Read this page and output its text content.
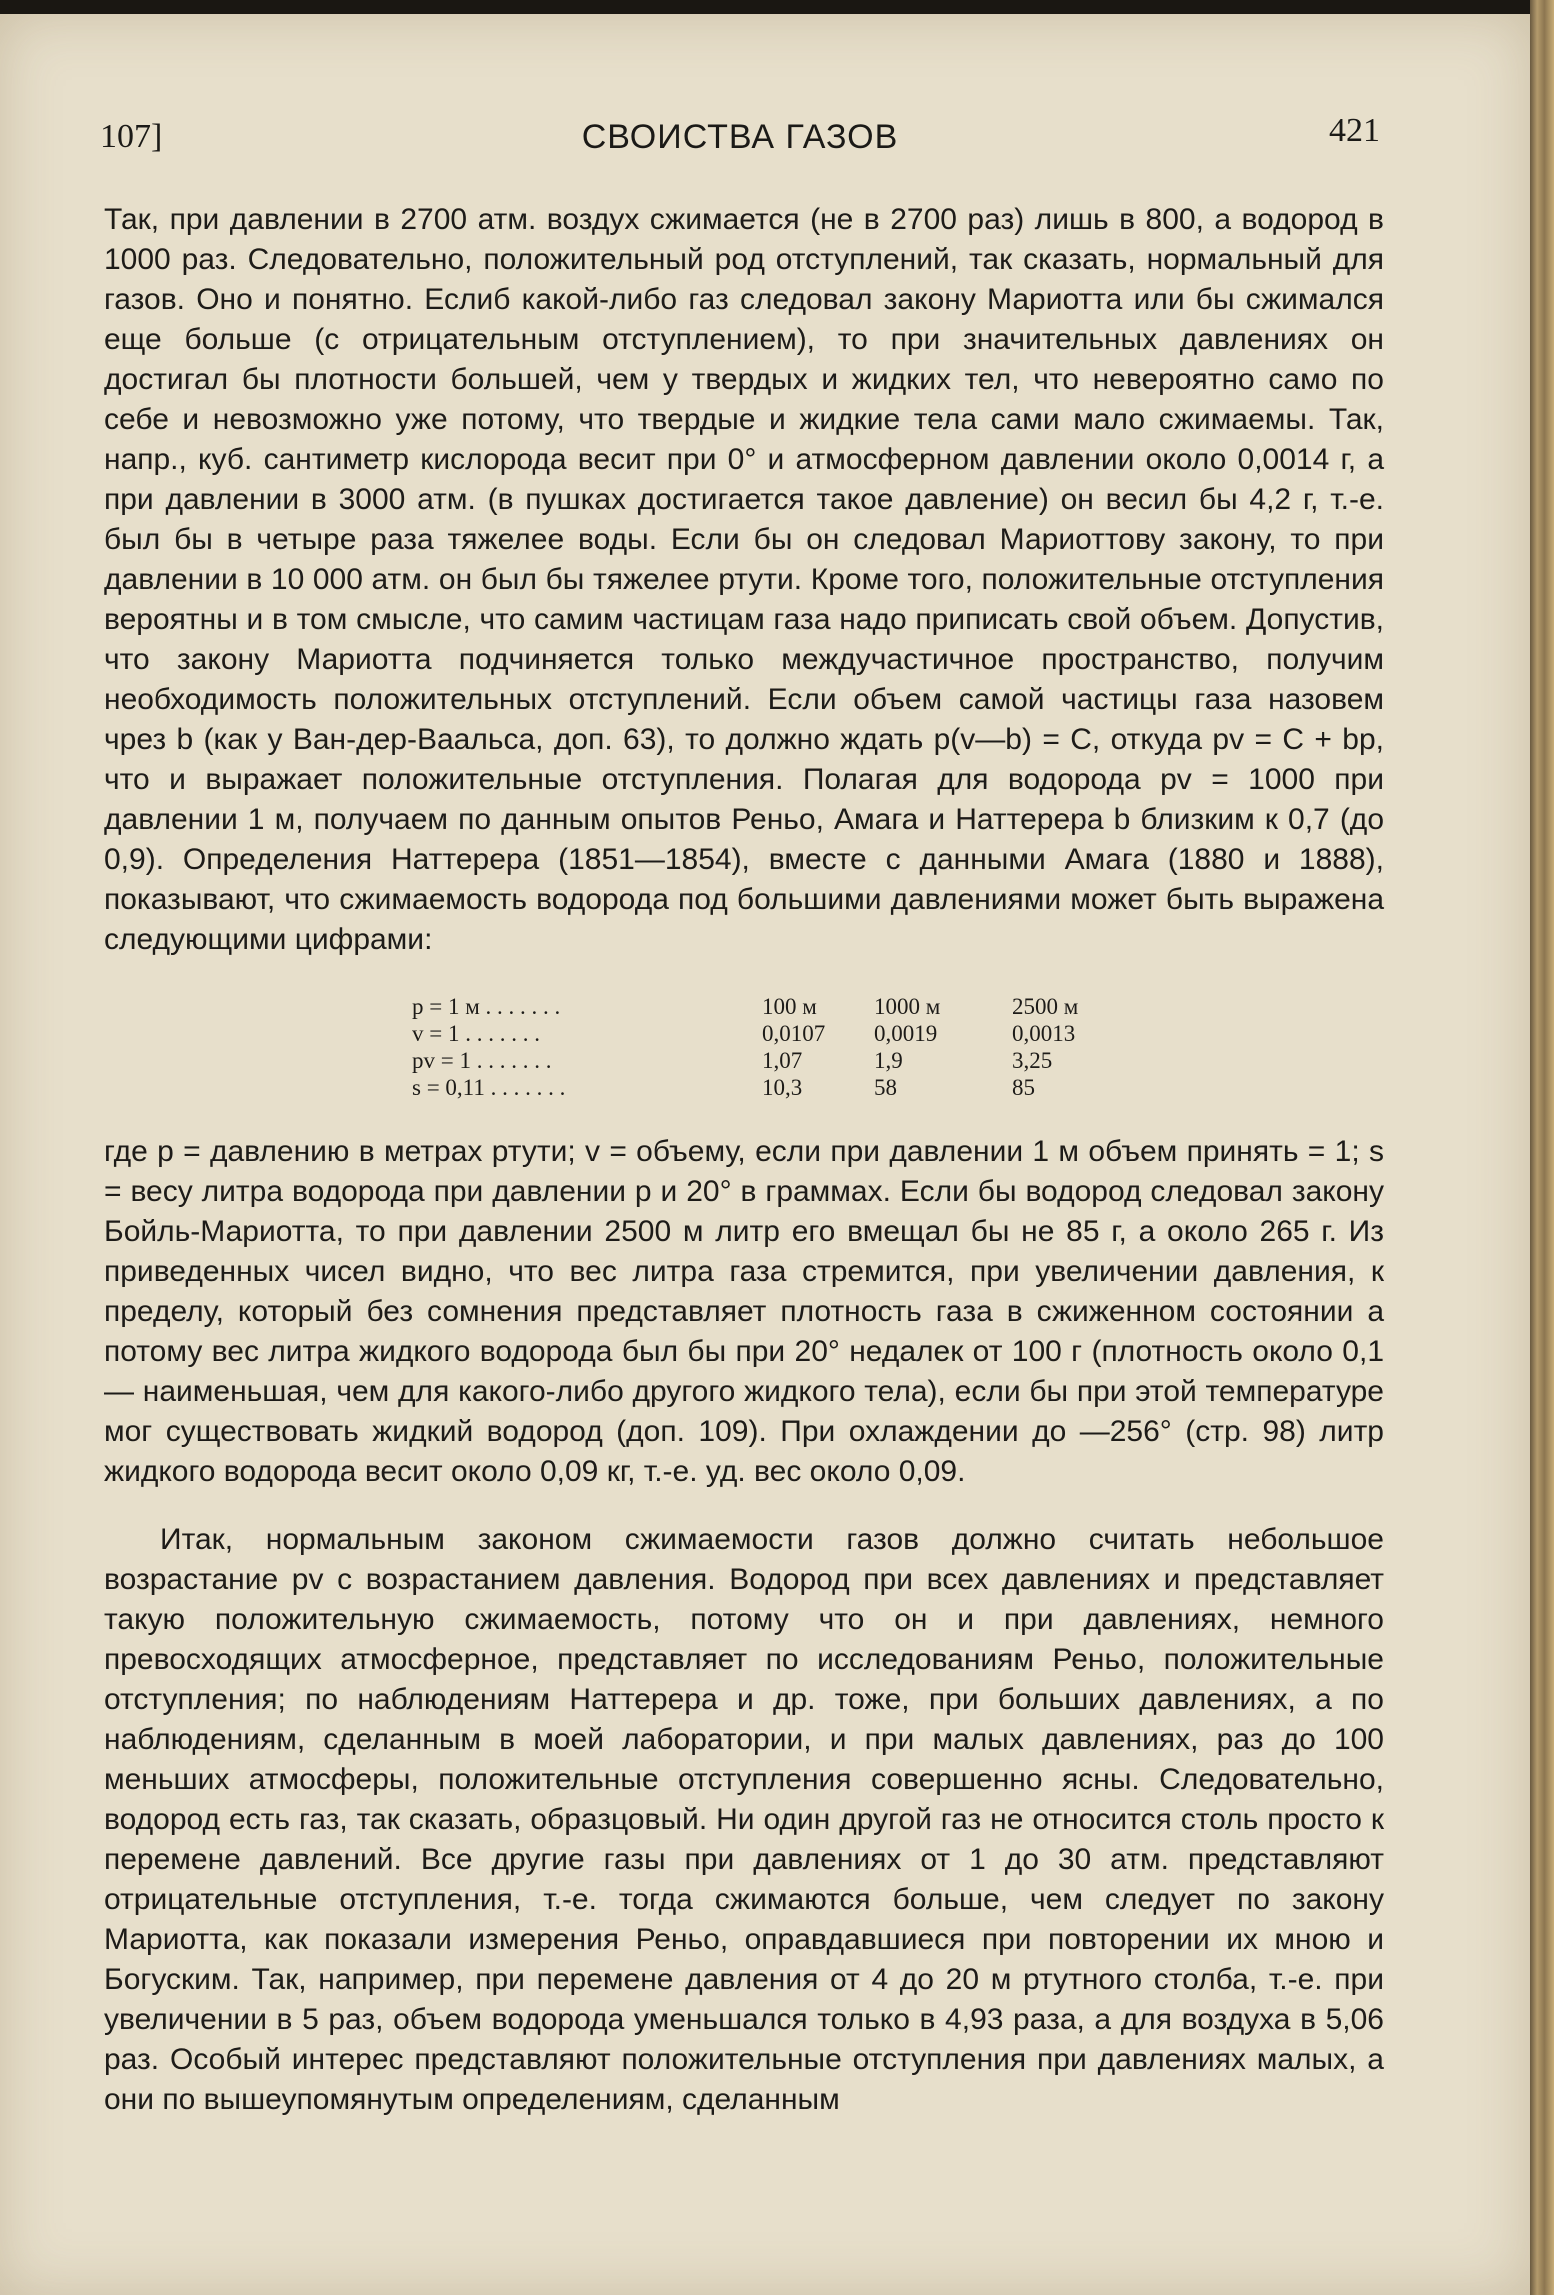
107]	СВОИСТВА ГАЗОВ	421

Так, при давлении в 2700 атм. воздух сжимается (не в 2700 раз) лишь в 800, а водород в 1000 раз. Следовательно, положительный род отступлений, так сказать, нормальный для газов. Оно и понятно. Еслиб какой-либо газ следовал закону Мариотта или бы сжимался еще больше (с отрицательным отступлением), то при значительных давлениях он достигал бы плотности большей, чем у твердых и жидких тел, что невероятно само по себе и невозможно уже потому, что твердые и жидкие тела сами мало сжимаемы. Так, напр., куб. сантиметр кислорода весит при 0° и атмосферном давлении около 0,0014 г, а при давлении в 3000 атм. (в пушках достигается такое давление) он весил бы 4,2 г, т.-е. был бы в четыре раза тяжелее воды. Если бы он следовал Мариоттову закону, то при давлении в 10 000 атм. он был бы тяжелее ртути. Кроме того, положительные отступления вероятны и в том смысле, что самим частицам газа надо приписать свой объем. Допустив, что закону Мариотта подчиняется только междучастичное пространство, получим необходимость положительных отступлений. Если объем самой частицы газа назовем чрез b (как у Ван-дер-Ваальса, доп. 63), то должно ждать p(v—b) = C, откуда pv = C + bp, что и выражает положительные отступления. Полагая для водорода pv = 1000 при давлении 1 м, получаем по данным опытов Реньо, Амага и Наттерера b близким к 0,7 (до 0,9). Определения Наттерера (1851—1854), вместе с данными Амага (1880 и 1888), показывают, что сжимаемость водорода под большими давлениями может быть выражена следующими цифрами:

p = 1 м . . . . . . .	100 м 1000 м	2500 м
v = 1 . . . . . . .	0,0107 0,0019	0,0013
pv = 1 . . . . . . .	1,07	1,9	3,25
s = 0,11 . . . . . . .	10,3	58	85

где p = давлению в метрах ртути; v = объему, если при давлении 1 м объем принять = 1; s = весу литра водорода при давлении p и 20° в граммах. Если бы водород следовал закону Бойль-Мариотта, то при давлении 2500 м литр его вмещал бы не 85 г, а около 265 г. Из приведенных чисел видно, что вес литра газа стремится, при увеличении давления, к пределу, который без сомнения представляет плотность газа в сжиженном состоянии а потому вес литра жидкого водорода был бы при 20° недалек от 100 г (плотность около 0,1— наименьшая, чем для какого-либо другого жидкого тела), если бы при этой температуре мог существовать жидкий водород (доп. 109). При охлаждении до —256° (стр. 98) литр жидкого водорода весит около 0,09 кг, т.-е. уд. вес около 0,09.

Итак, нормальным законом сжимаемости газов должно считать небольшое возрастание pv с возрастанием давления. Водород при всех давлениях и представляет такую положительную сжимаемость, потому что он и при давлениях, немного превосходящих атмосферное, представляет по исследованиям Реньо, положительные отступления; по наблюдениям Наттерера и др. тоже, при больших давлениях, а по наблюдениям, сделанным в моей лаборатории, и при малых давлениях, раз до 100 меньших атмосферы, положительные отступления совершенно ясны. Следовательно, водород есть газ, так сказать, образцовый. Ни один другой газ не относится столь просто к перемене давлений. Все другие газы при давлениях от 1 до 30 атм. представляют отрицательные отступления, т.-е. тогда сжимаются больше, чем следует по закону Мариотта, как показали измерения Реньо, оправдавшиеся при повторении их мною и Богуским. Так, например, при перемене давления от 4 до 20 м ртутного столба, т.-е. при увеличении в 5 раз, объем водорода уменьшался только в 4,93 раза, а для воздуха в 5,06 раз. Особый интерес представляют положительные отступления при давлениях малых, а они по вышеупомянутым определениям, сделанным
